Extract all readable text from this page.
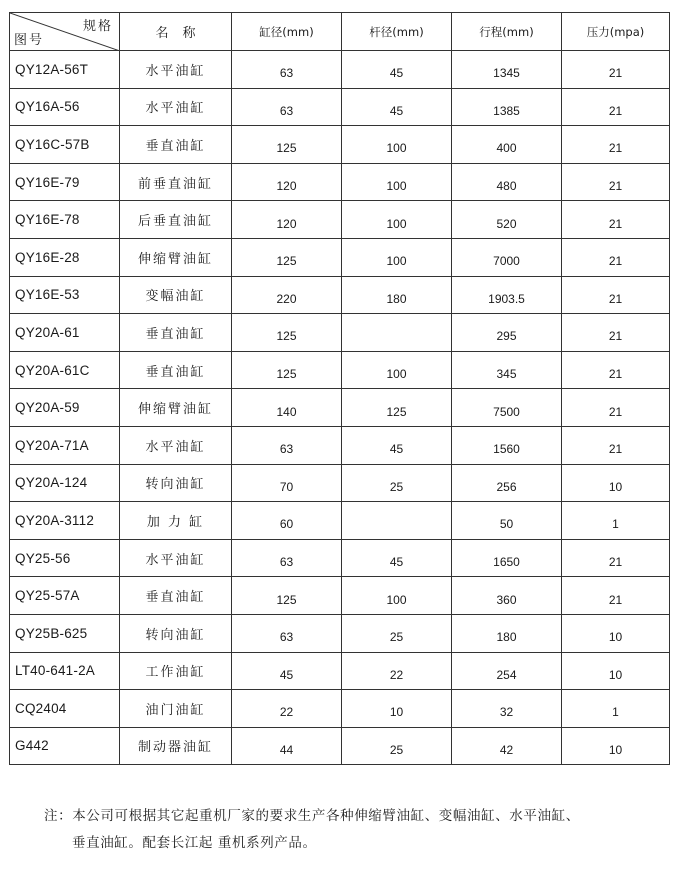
规格
图号	名称	缸径(mm)	杆径(mm)	行程(mm)	压力(mpa)
QY12A-56T	水平油缸	63	45	1345	21
QY16A-56	水平油缸	63	45	1385	21
QY16C-57B	垂直油缸	125	100	400	21
QY16E-79	前垂直油缸	120	100	480	21
QY16E-78	后垂直油缸	120	100	520	21
QY16E-28	伸缩臂油缸	125	100	7000	21
QY16E-53	变幅油缸	220	180	1903.5	21
QY20A-61	垂直油缸	125		295	21
QY20A-61C	垂直油缸	125	100	345	21
QY20A-59	伸缩臂油缸	140	125	7500	21
QY20A-71A	水平油缸	63	45	1560	21
QY20A-124	转向油缸	70	25	256	10
QY20A-3112	加 力 缸	60		50	1
QY25-56	水平油缸	63	45	1650	21
QY25-57A	垂直油缸	125	100	360	21
QY25B-625	转向油缸	63	25	180	10
LT40-641-2A	工作油缸	45	22	254	10
CQ2404	油门油缸	22	10	32	1
G442	制动器油缸	44	25	42	10
注：本公司可根据其它起重机厂家的要求生产各种伸缩臂油缸、变幅油缸、水平油缸、
垂直油缸。配套长江起 重机系列产品。
